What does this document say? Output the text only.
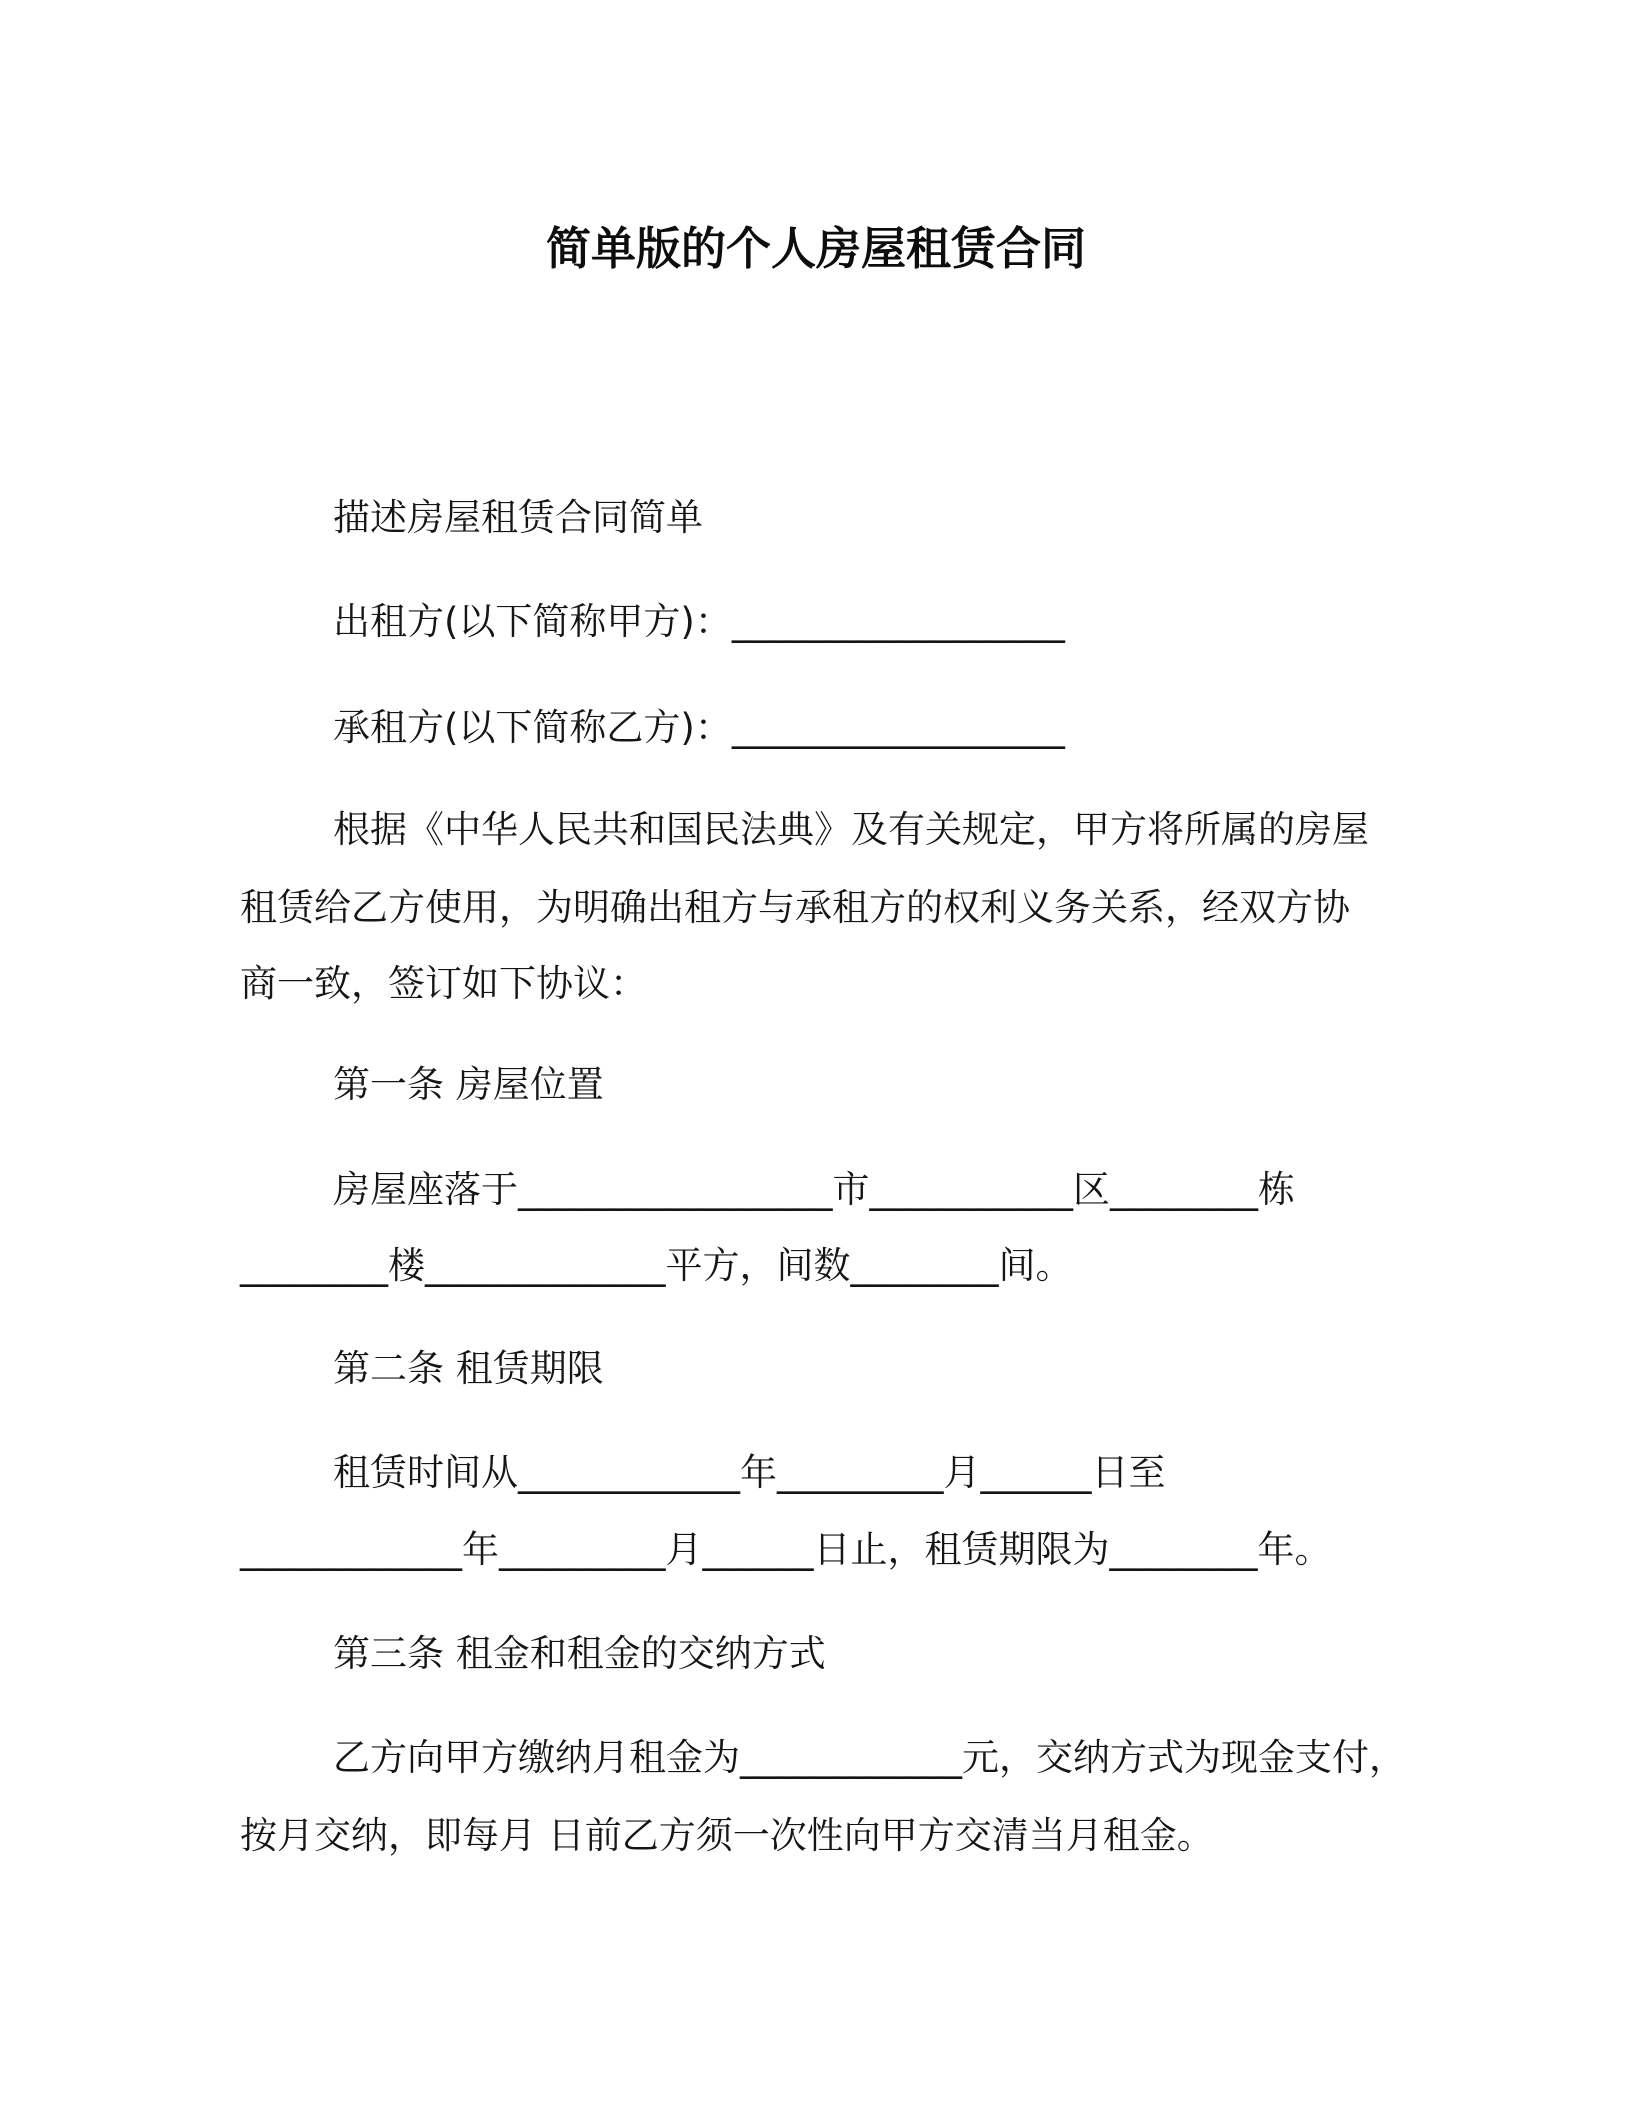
简单版的个人房屋租赁合同
描述房屋租赁合同简单
出租方(以下简称甲方)：__________________
承租方(以下简称乙方)：__________________
根据《中华人民共和国民法典》及有关规定，甲方将所属的房屋
租赁给乙方使用，为明确出租方与承租方的权利义务关系，经双方协
商一致，签订如下协议：
第一条 房屋位置
房屋座落于_________________市___________区________栋
________楼_____________平方，间数________间。
第二条 租赁期限
租赁时间从____________年_________月______日至
____________年_________月______日止，租赁期限为________年。
第三条 租金和租金的交纳方式
乙方向甲方缴纳月租金为____________元，交纳方式为现金支付，
按月交纳，即每月 日前乙方须一次性向甲方交清当月租金。
